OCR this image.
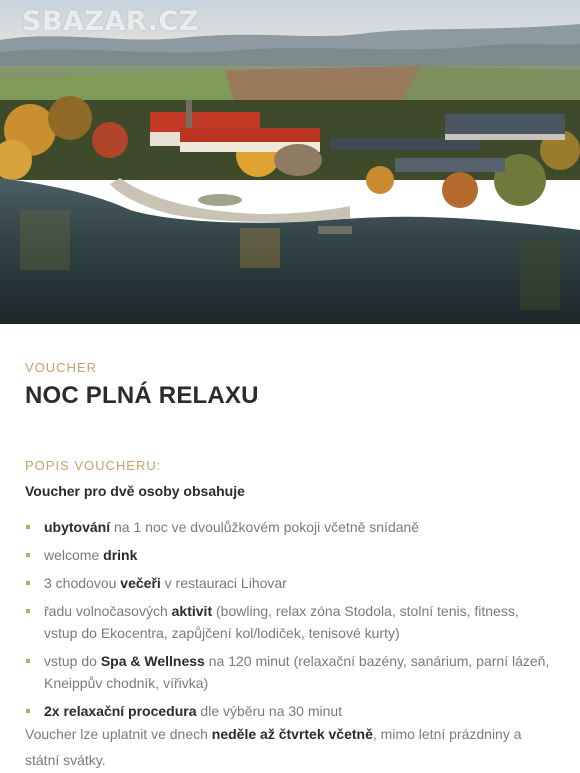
SBAZAR.CZ
VOUCHER
NOC PLNÁ RELAXU
POPIS VOUCHERU:
Voucher pro dvě osoby obsahuje
ubytování na 1 noc ve dvoulůžkovém pokoji včetně snídaně
welcome drink
3 chodovou večeři v restauraci Lihovar
řadu volnočasových aktivit (bowling, relax zóna Stodola, stolní tenis, fitness, vstup do Ekocentra, zapůjčení kol/lodiček, tenisové kurty)
vstup do Spa & Wellness na 120 minut (relaxační bazény, sanárium, parní lázeň, Kneippův chodník, vířivka)
2x relaxační procedura dle výběru na 30 minut
Voucher lze uplatnit ve dnech neděle až čtvrtek včetně, mimo letní prázdniny a státní svátky.
